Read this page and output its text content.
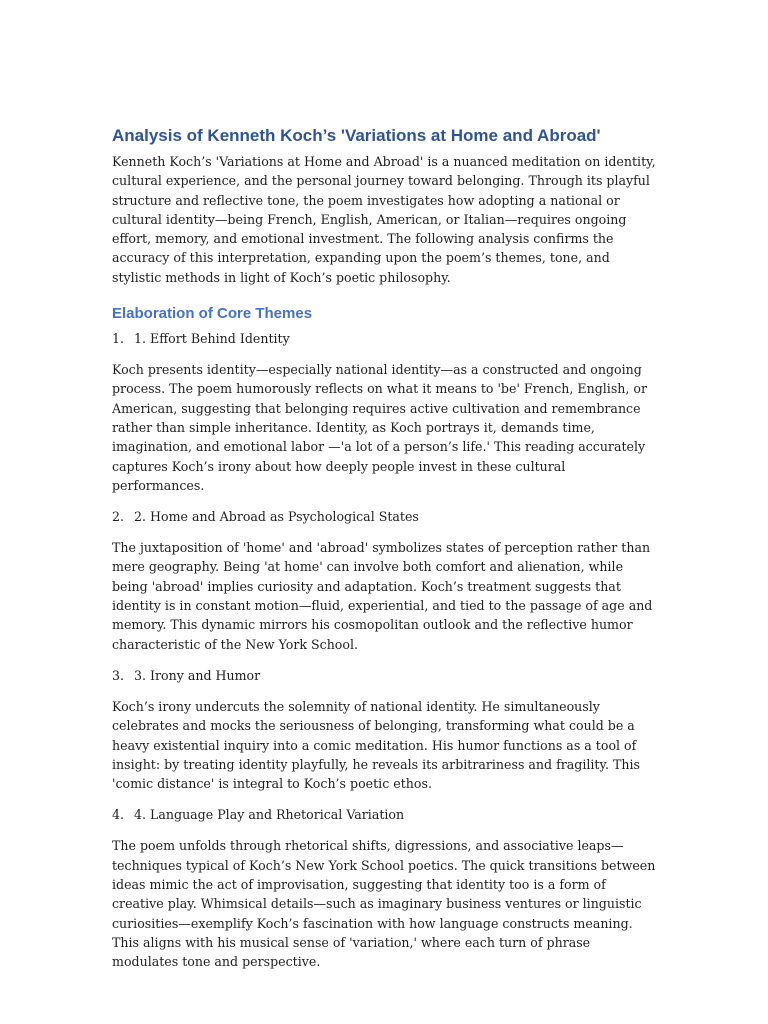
Analysis of Kenneth Koch’s 'Variations at Home and Abroad'

Kenneth Koch’s 'Variations at Home and Abroad' is a nuanced meditation on identity, cultural experience, and the personal journey toward belonging. Through its playful structure and reflective tone, the poem investigates how adopting a national or cultural identity—being French, English, American, or Italian—requires ongoing effort, memory, and emotional investment. The following analysis confirms the accuracy of this interpretation, expanding upon the poem’s themes, tone, and stylistic methods in light of Koch’s poetic philosophy.

Elaboration of Core Themes
1. 1. Effort Behind Identity

Koch presents identity—especially national identity—as a constructed and ongoing process. The poem humorously reflects on what it means to 'be' French, English, or American, suggesting that belonging requires active cultivation and remembrance rather than simple inheritance. Identity, as Koch portrays it, demands time, imagination, and emotional labor —'a lot of a person’s life.' This reading accurately captures Koch’s irony about how deeply people invest in these cultural performances.

2. 2. Home and Abroad as Psychological States

The juxtaposition of 'home' and 'abroad' symbolizes states of perception rather than mere geography. Being 'at home' can involve both comfort and alienation, while being 'abroad' implies curiosity and adaptation. Koch’s treatment suggests that identity is in constant motion—fluid, experiential, and tied to the passage of age and memory. This dynamic mirrors his cosmopolitan outlook and the reflective humor characteristic of the New York School.

3. 3. Irony and Humor

Koch’s irony undercuts the solemnity of national identity. He simultaneously celebrates and mocks the seriousness of belonging, transforming what could be a heavy existential inquiry into a comic meditation. His humor functions as a tool of insight: by treating identity playfully, he reveals its arbitrariness and fragility. This 'comic distance' is integral to Koch’s poetic ethos.

4. 4. Language Play and Rhetorical Variation

The poem unfolds through rhetorical shifts, digressions, and associative leaps—techniques typical of Koch’s New York School poetics. The quick transitions between ideas mimic the act of improvisation, suggesting that identity too is a form of creative play. Whimsical details—such as imaginary business ventures or linguistic curiosities—exemplify Koch’s fascination with how language constructs meaning. This aligns with his musical sense of 'variation,' where each turn of phrase modulates tone and perspective.
